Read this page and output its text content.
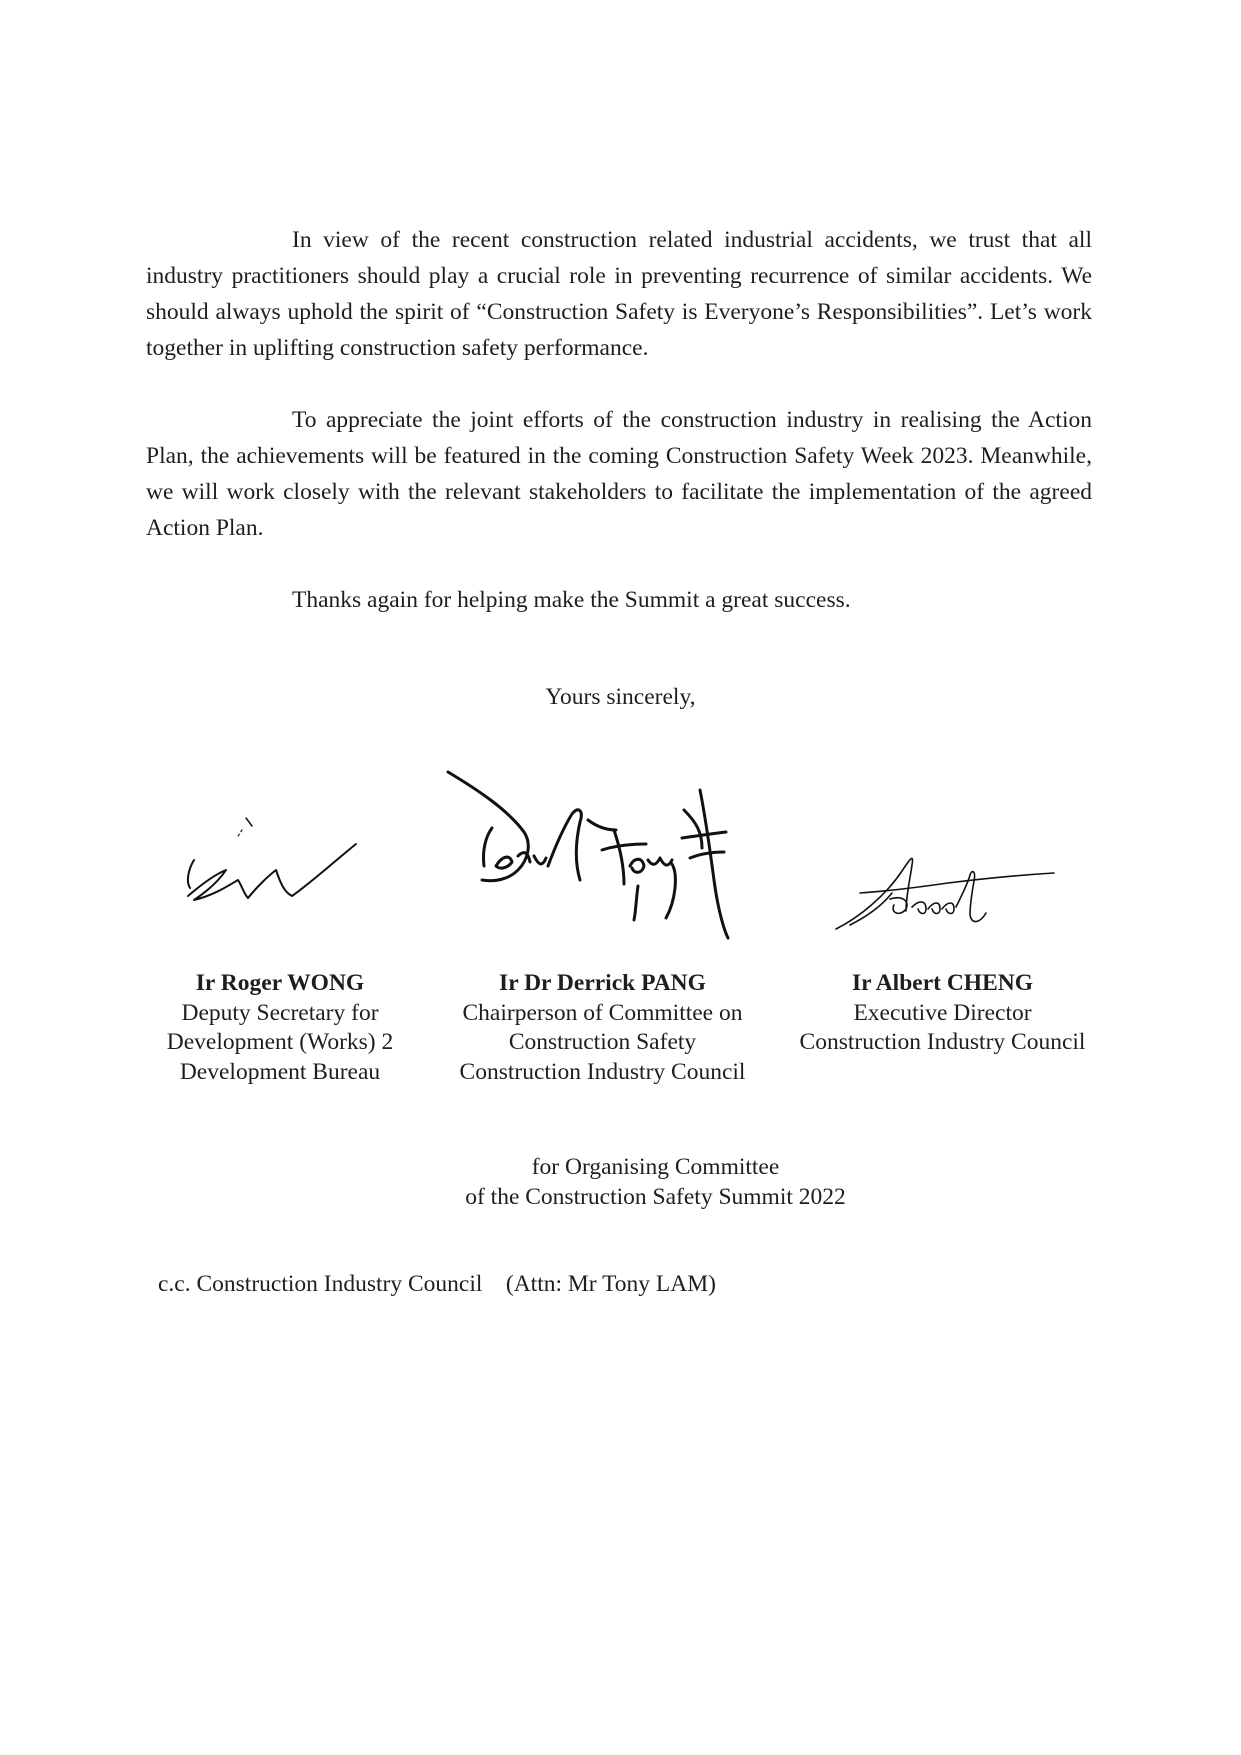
In view of the recent construction related industrial accidents, we trust that all industry practitioners should play a crucial role in preventing recurrence of similar accidents. We should always uphold the spirit of “Construction Safety is Everyone’s Responsibilities”. Let’s work together in uplifting construction safety performance.

To appreciate the joint efforts of the construction industry in realising the Action Plan, the achievements will be featured in the coming Construction Safety Week 2023. Meanwhile, we will work closely with the relevant stakeholders to facilitate the implementation of the agreed Action Plan.

Thanks again for helping make the Summit a great success.

Yours sincerely,

Ir Roger WONG
Deputy Secretary for
Development (Works) 2
Development Bureau
Ir Dr Derrick PANG
Chairperson of Committee on
Construction Safety
Construction Industry Council
Ir Albert CHENG
Executive Director
Construction Industry Council
for Organising Committee
of the Construction Safety Summit 2022
c.c. Construction Industry Council    (Attn: Mr Tony LAM)
